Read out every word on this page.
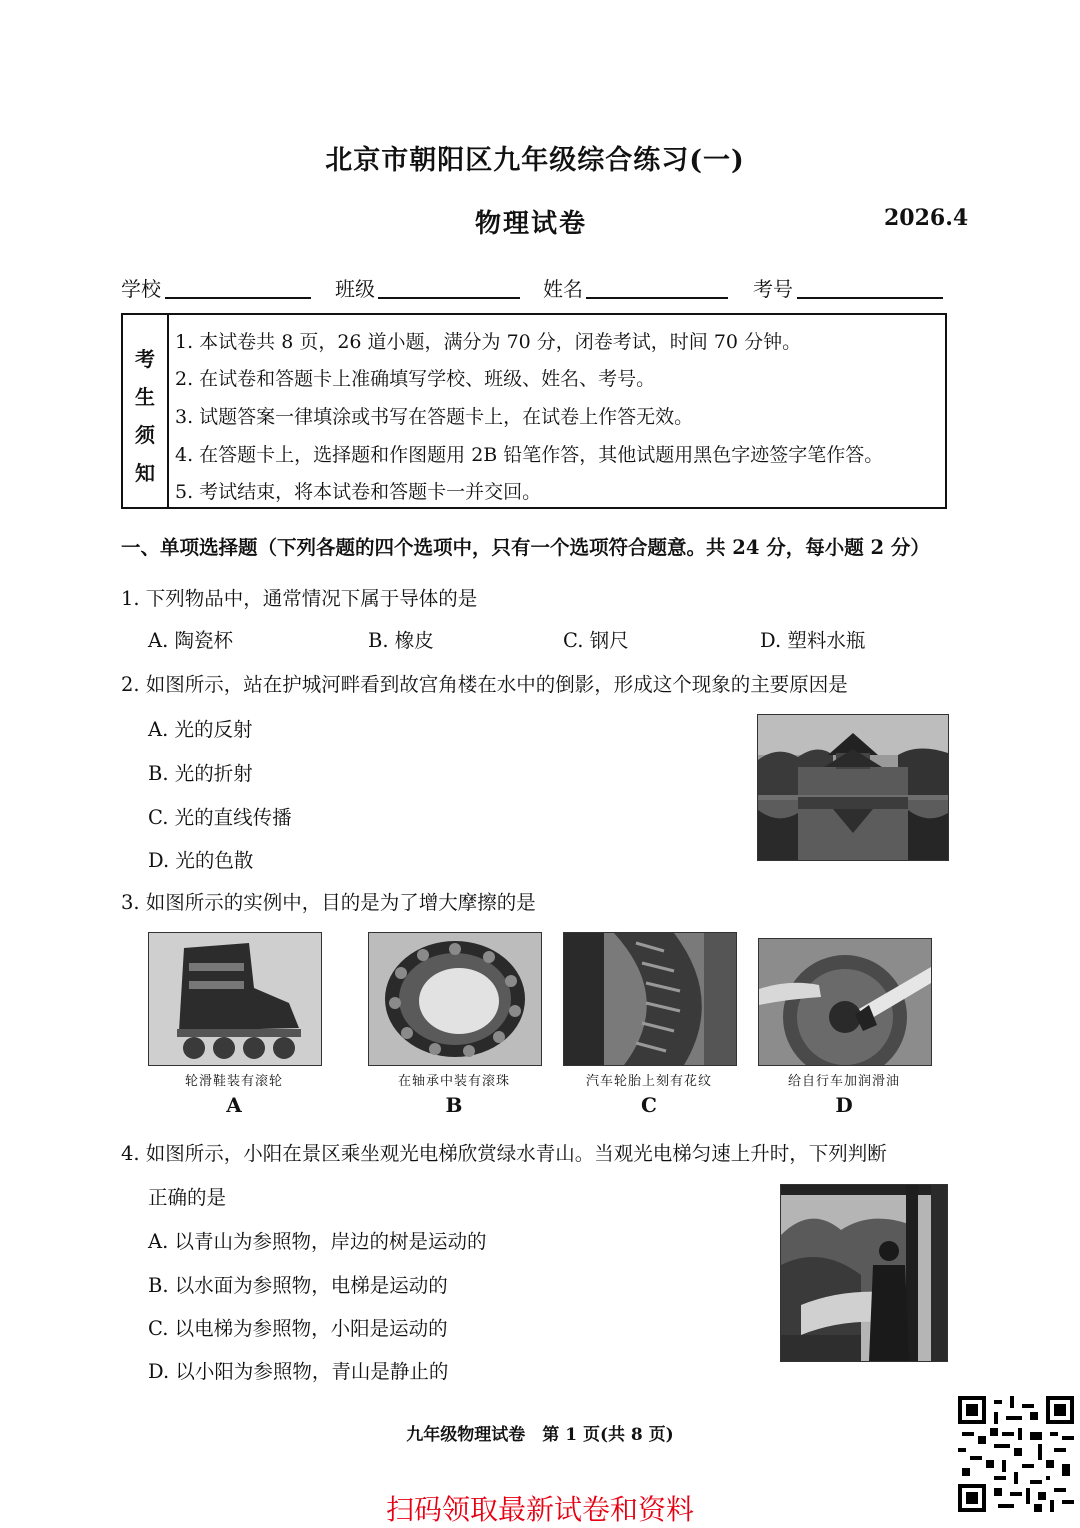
北京市朝阳区九年级综合练习(一)
物理试卷	2026.4
学校	班级	姓名	考号
考
生
须
知
1. 本试卷共 8 页，26 道小题，满分为 70 分，闭卷考试，时间 70 分钟。
2. 在试卷和答题卡上准确填写学校、班级、姓名、考号。
3. 试题答案一律填涂或书写在答题卡上，在试卷上作答无效。
4. 在答题卡上，选择题和作图题用 2B 铅笔作答，其他试题用黑色字迹签字笔作答。
5. 考试结束，将本试卷和答题卡一并交回。
一、单项选择题（下列各题的四个选项中，只有一个选项符合题意。共 24 分，每小题 2 分）
1. 下列物品中，通常情况下属于导体的是
A. 陶瓷杯	B. 橡皮	C. 钢尺	D. 塑料水瓶
2. 如图所示，站在护城河畔看到故宫角楼在水中的倒影，形成这个现象的主要原因是
A. 光的反射
B. 光的折射
C. 光的直线传播
D. 光的色散
3. 如图所示的实例中，目的是为了增大摩擦的是
轮滑鞋装有滚轮	在轴承中装有滚珠	汽车轮胎上刻有花纹	给自行车加润滑油
A	B	C	D
4. 如图所示，小阳在景区乘坐观光电梯欣赏绿水青山。当观光电梯匀速上升时，下列判断
正确的是
A. 以青山为参照物，岸边的树是运动的
B. 以水面为参照物，电梯是运动的
C. 以电梯为参照物，小阳是运动的
D. 以小阳为参照物，青山是静止的
九年级物理试卷　第 1 页(共 8 页)
扫码领取最新试卷和资料
